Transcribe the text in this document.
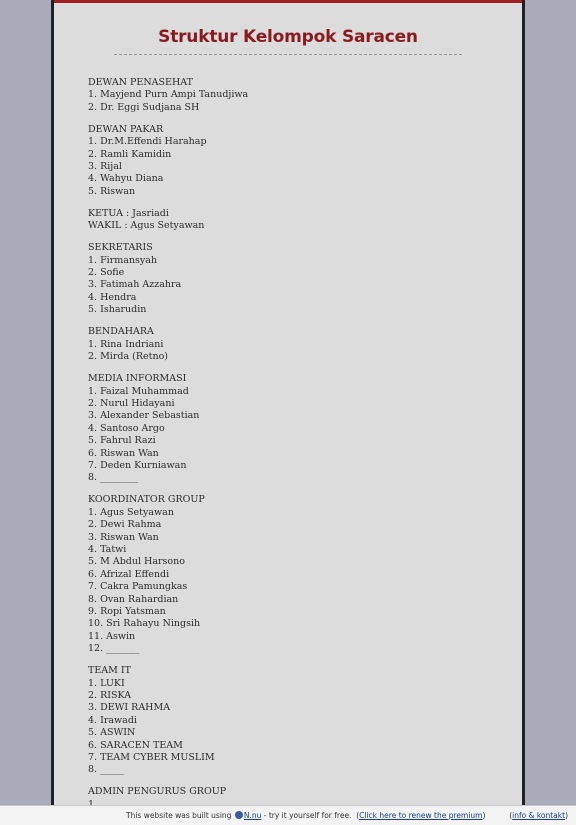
Struktur Kelompok Saracen
DEWAN PENASEHAT
1. Mayjend Purn Ampi Tanudjiwa
2. Dr. Eggi Sudjana SH
DEWAN PAKAR
1. Dr.M.Effendi Harahap
2. Ramli Kamidin
3. Rijal
4. Wahyu Diana
5. Riswan
KETUA : Jasriadi
WAKIL : Agus Setyawan
SEKRETARIS
1. Firmansyah
2. Sofie
3. Fatimah Azzahra
4. Hendra
5. Isharudin
BENDAHARA
1. Rina Indriani
2. Mirda (Retno)
MEDIA INFORMASI
1. Faizal Muhammad
2. Nurul Hidayani
3. Alexander Sebastian
4. Santoso Argo
5. Fahrul Razi
6. Riswan Wan
7. Deden Kurniawan
8. ________
KOORDINATOR GROUP
1. Agus Setyawan
2. Dewi Rahma
3. Riswan Wan
4. Tatwi
5. M Abdul Harsono
6. Afrizal Effendi
7. Cakra Pamungkas
8. Ovan Rahardian
9. Ropi Yatsman
10. Sri Rahayu Ningsih
11. Aswin
12. _______
TEAM IT
1. LUKI
2. RISKA
3. DEWI RAHMA
4. Irawadi
5. ASWIN
6. SARACEN TEAM
7. TEAM CYBER MUSLIM
8. _____
ADMIN PENGURUS GROUP
This website was built using N.nu - try it yourself for free.  (Click here to renew the premium)	(info & kontakt)
